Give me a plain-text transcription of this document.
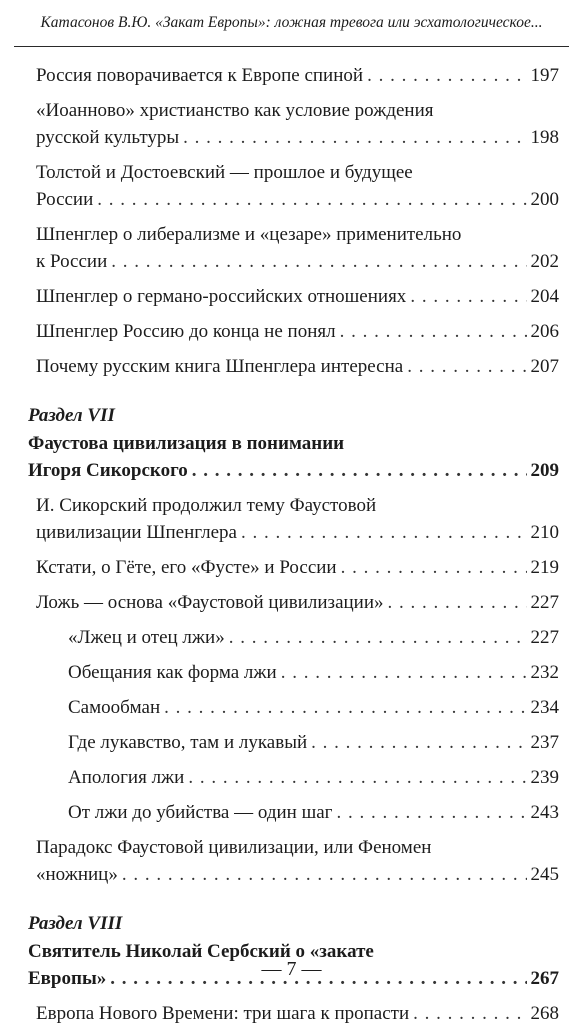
Катасонов В.Ю. «Закат Европы»: ложная тревога или эсхатологическое...
Россия поворачивается к Европе спиной . . .	197
«Иоанново» христианство как условие рождения
русской культуры . . .	198
Толстой и Достоевский — прошлое и будущее
России . . .	200
Шпенглер о либерализме и «цезаре» применительно
к России . . .	202
Шпенглер о германо-российских отношениях . . .	204
Шпенглер Россию до конца не понял . . .	206
Почему русским книга Шпенглера интересна . . .	207
Раздел VII
Фаустова цивилизация в понимании
Игоря Сикорского . . .	209
И. Сикорский продолжил тему Фаустовой
цивилизации Шпенглера . . .	210
Кстати, о Гёте, его «Фусте» и России . . .	219
Ложь — основа «Фаустовой цивилизации» . . .	227
«Лжец и отец лжи» . . .	227
Обещания как форма лжи . . .	232
Самообман . . .	234
Где лукавство, там и лукавый . . .	237
Апология лжи . . .	239
От лжи до убийства — один шаг . . .	243
Парадокс Фаустовой цивилизации, или Феномен
«ножниц» . . .	245
Раздел VIII
Святитель Николай Сербский о «закате
Европы» . . .	267
Европа Нового Времени: три шага к пропасти . . .	268
— 7 —
